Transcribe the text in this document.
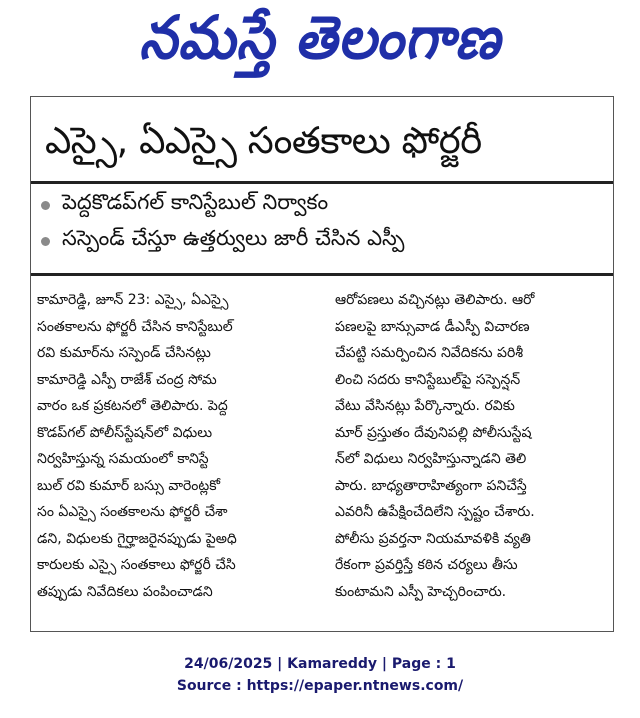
నమస్తే తెలంగాణ
ఎస్సై, ఏఎస్సై సంతకాలు ఫోర్జరీ
పెద్దకొడప్‌గల్ కానిస్టేబుల్ నిర్వాకం
సస్పెండ్ చేస్తూ ఉత్తర్వులు జారీ చేసిన ఎస్పీ

కామారెడ్డి, జూన్ 23: ఎస్సై, ఏఎస్సై

సంతకాలను ఫోర్జరీ చేసిన కానిస్టేబుల్

రవి కుమార్‌ను సస్పెండ్ చేసినట్లు

కామారెడ్డి ఎస్పీ రాజేశ్ చంద్ర సోమ

వారం ఒక ప్రకటనలో తెలిపారు. పెద్ద

కొడప్‌గల్ పోలీస్‌స్టేషన్‌లో విధులు

నిర్వహిస్తున్న సమయంలో కానిస్టే

బుల్ రవి కుమార్ బస్సు వారెంట్లకో

సం ఏఎస్సై సంతకాలను ఫోర్జరీ చేశా

డని, విధులకు గైర్హాజరైనప్పుడు పైఅధి

కారులకు ఎస్సై సంతకాలు ఫోర్జరీ చేసి

తప్పుడు నివేదికలు పంపించాడని

ఆరోపణలు వచ్చినట్లు తెలిపారు. ఆరో

పణలపై బాన్సువాడ డీఎస్పీ విచారణ

చేపట్టి సమర్పించిన నివేదికను పరిశీ

లించి సదరు కానిస్టేబుల్‌పై సస్పెన్షన్

వేటు వేసినట్లు పేర్కొన్నారు. రవికు

మార్ ప్రస్తుతం దేవునిపల్లి పోలీసుస్టేష

న్‌లో విధులు నిర్వహిస్తున్నాడని తెలి

పారు. బాధ్యతారాహిత్యంగా పనిచేస్తే

ఎవరినీ ఉపేక్షించేదిలేని స్పష్టం చేశారు.

పోలీసు ప్రవర్తనా నియమావళికి వ్యతి

రేకంగా ప్రవర్తిస్తే కఠిన చర్యలు తీసు

కుంటామని ఎస్పీ హెచ్చరించారు.

24/06/2025 | Kamareddy | Page : 1
Source : https://epaper.ntnews.com/
